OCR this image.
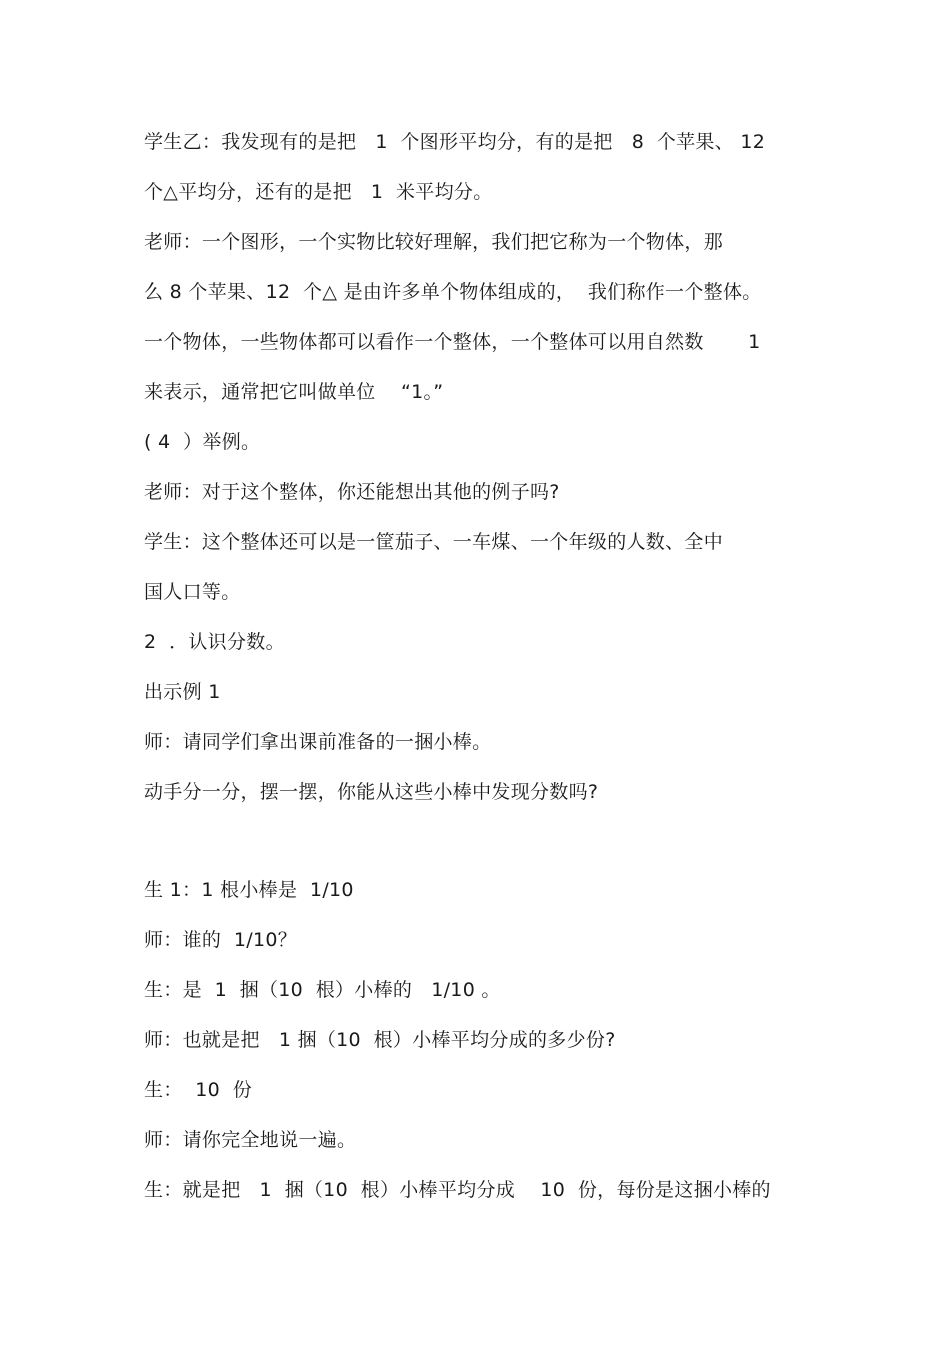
学生乙：我发现有的是把   1  个图形平均分，有的是把   8  个苹果、 12
个△平均分，还有的是把   1  米平均分。
老师：一个图形，一个实物比较好理解，我们把它称为一个物体，那
么 8 个苹果、12  个△ 是由许多单个物体组成的，  我们称作一个整体。
一个物体，一些物体都可以看作一个整体，一个整体可以用自然数       1
来表示，通常把它叫做单位    “1。”
( 4  ）举例。
老师：对于这个整体，你还能想出其他的例子吗?
学生：这个整体还可以是一筐茄子、一车煤、一个年级的人数、全中
国人口等。
2  ．认识分数。
出示例 1
师：请同学们拿出课前准备的一捆小棒。
动手分一分，摆一摆，你能从这些小棒中发现分数吗?
生 1：1 根小棒是  1/10
师：谁的  1/10？
生：是  1  捆（10  根）小棒的   1/10 。
师：也就是把   1 捆（10  根）小棒平均分成的多少份?
生：  10  份
师：请你完全地说一遍。
生：就是把   1  捆（10  根）小棒平均分成    10  份，每份是这捆小棒的
